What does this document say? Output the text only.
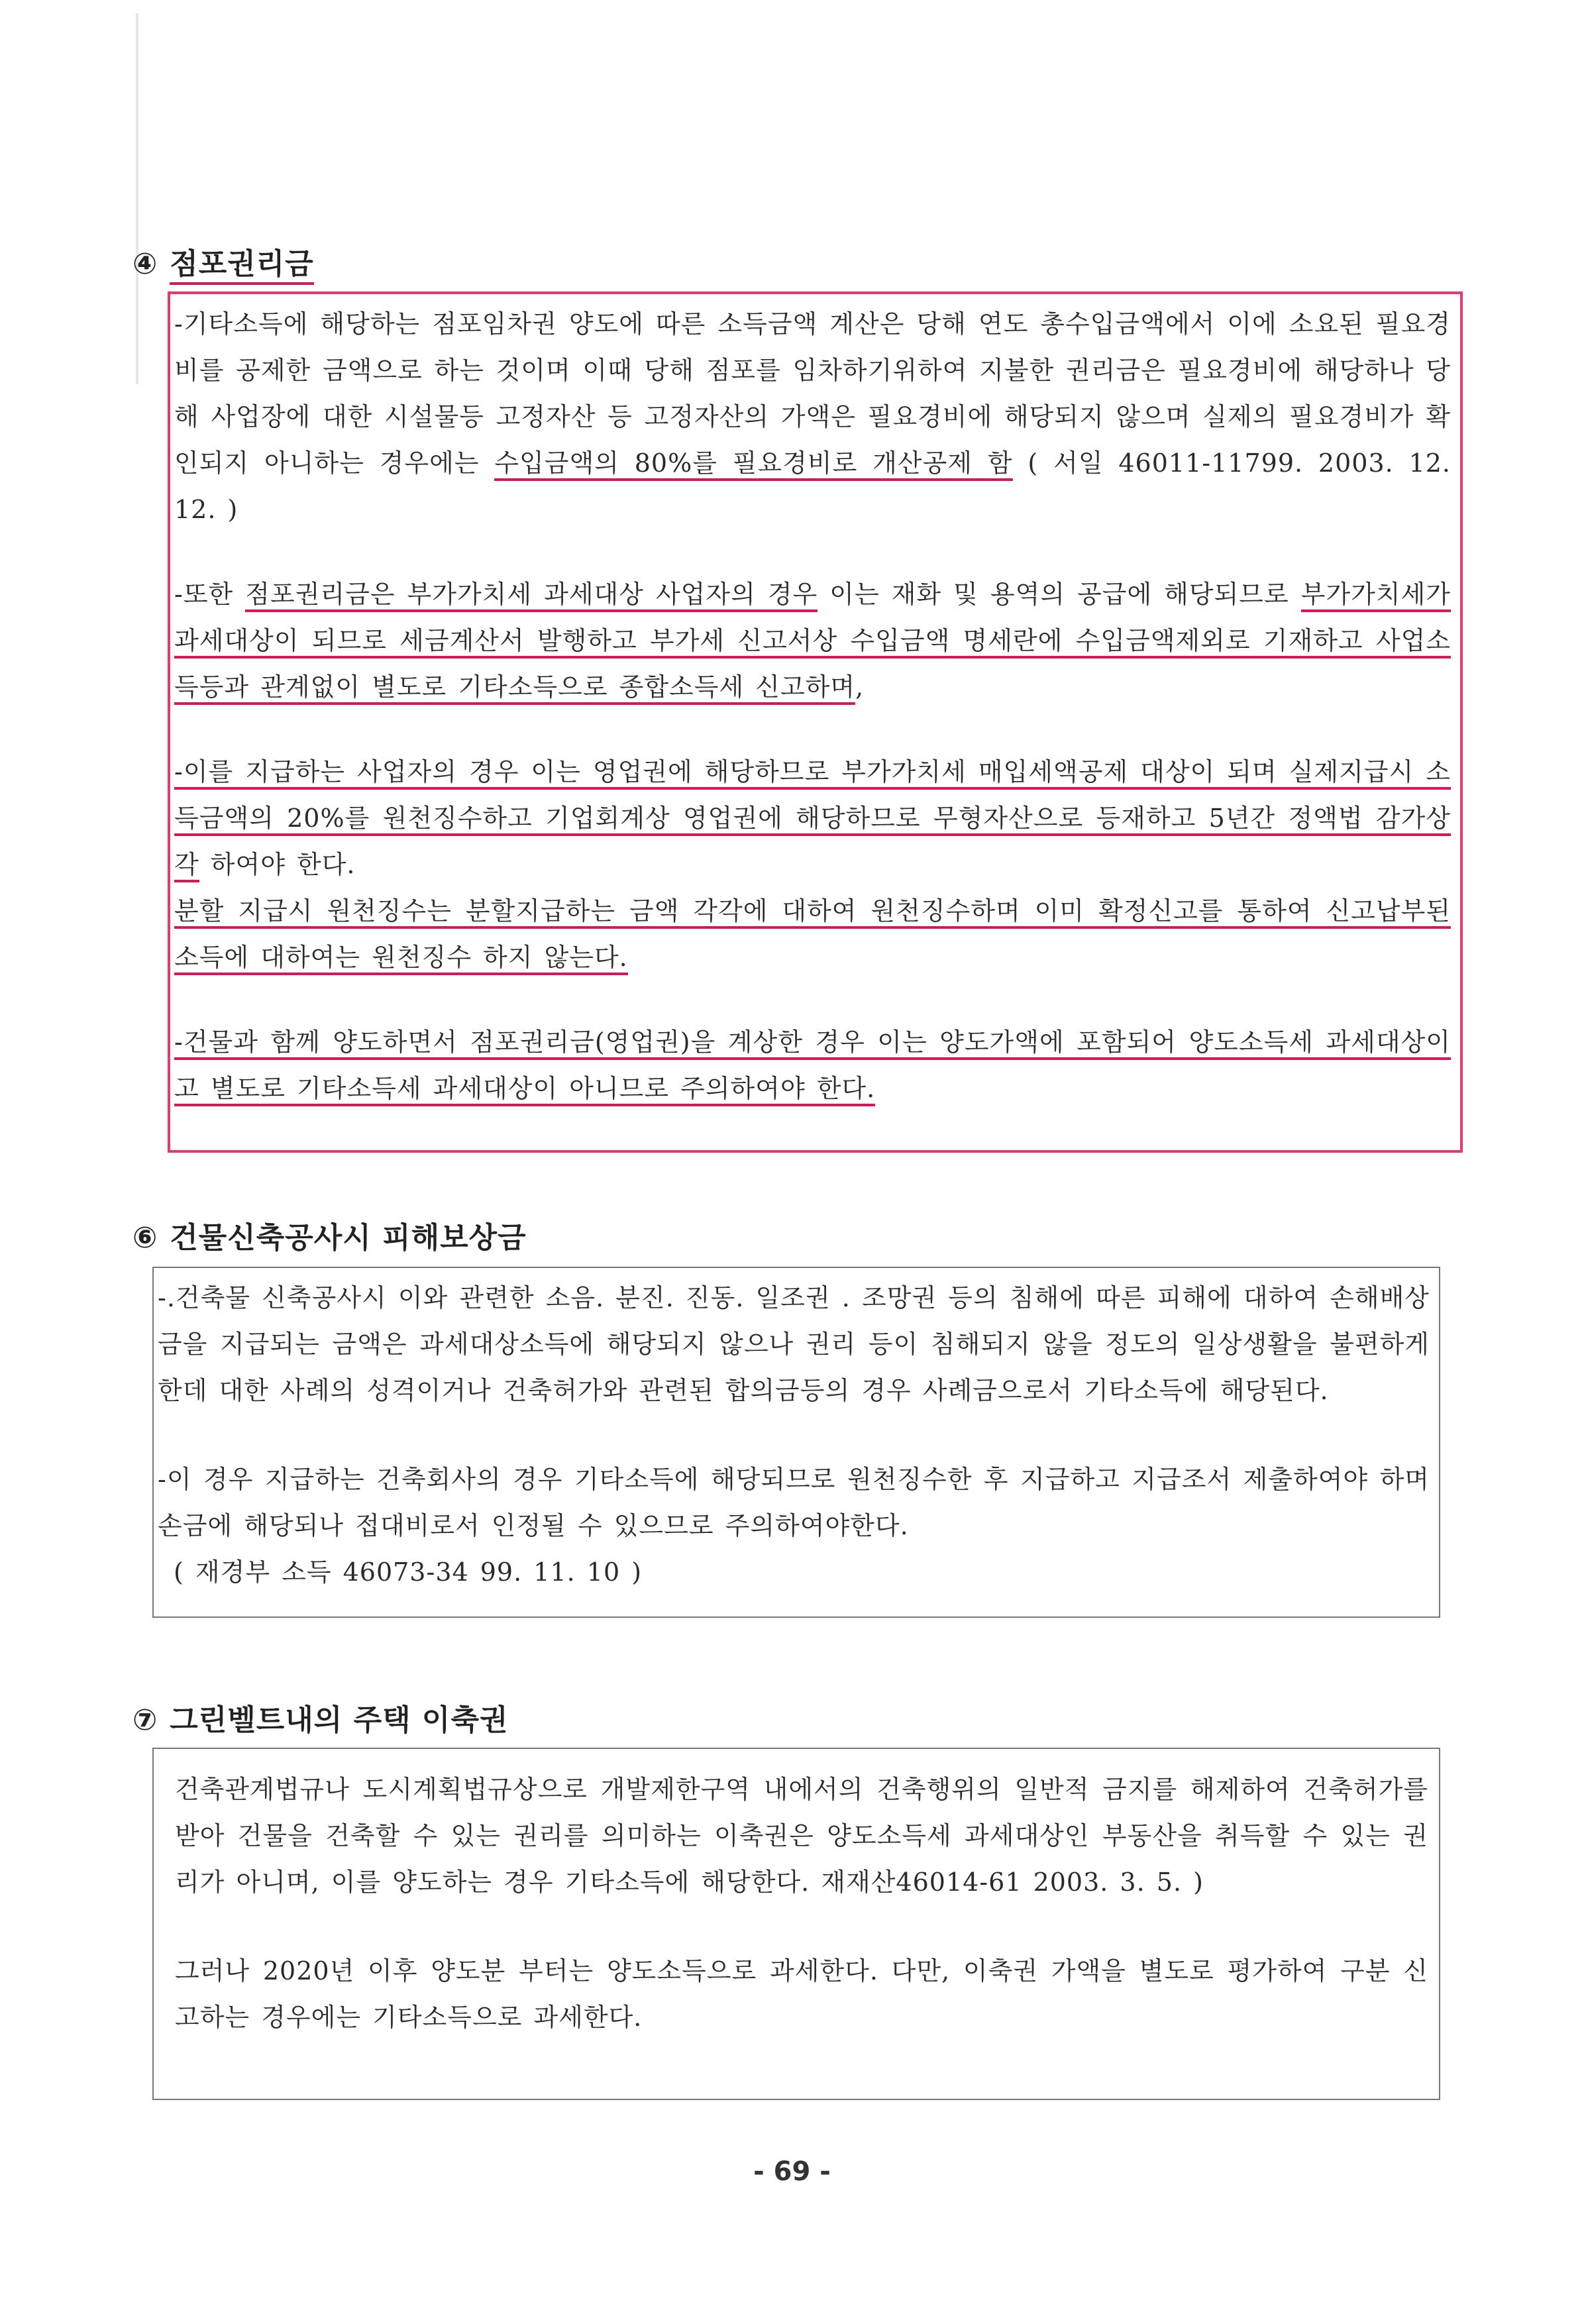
④ 점포권리금
-기타소득에 해당하는 점포임차권 양도에 따른 소득금액 계산은 당해 연도 총수입금액에서 이에 소요된 필요경비를 공제한 금액으로 하는 것이며 이때 당해 점포를 임차하기위하여 지불한 권리금은 필요경비에 해당하나 당해 사업장에 대한 시설물등 고정자산 등 고정자산의 가액은 필요경비에 해당되지 않으며 실제의 필요경비가 확인되지 아니하는 경우에는 수입금액의 80%를 필요경비로 개산공제 함 ( 서일 46011-11799. 2003. 12. 12. )
-또한 점포권리금은 부가가치세 과세대상 사업자의 경우 이는 재화 및 용역의 공급에 해당되므로 부가가치세가 과세대상이 되므로 세금계산서 발행하고 부가세 신고서상 수입금액 명세란에 수입금액제외로 기재하고 사업소득등과 관계없이 별도로 기타소득으로 종합소득세 신고하며,
-이를 지급하는 사업자의 경우 이는 영업권에 해당하므로 부가가치세 매입세액공제 대상이 되며 실제지급시 소득금액의 20%를 원천징수하고 기업회계상 영업권에 해당하므로 무형자산으로 등재하고 5년간 정액법 감가상각 하여야 한다.
분할 지급시 원천징수는 분할지급하는 금액 각각에 대하여 원천징수하며 이미 확정신고를 통하여 신고납부된 소득에 대하여는 원천징수 하지 않는다.
-건물과 함께 양도하면서 점포권리금(영업권)을 계상한 경우 이는 양도가액에 포함되어 양도소득세 과세대상이고 별도로 기타소득세 과세대상이 아니므로 주의하여야 한다.
⑥ 건물신축공사시 피해보상금
-.건축물 신축공사시 이와 관련한 소음. 분진. 진동. 일조권 . 조망권 등의 침해에 따른 피해에 대하여 손해배상금을 지급되는 금액은 과세대상소득에 해당되지 않으나 권리 등이 침해되지 않을 정도의 일상생활을 불편하게 한데 대한 사례의 성격이거나 건축허가와 관련된 합의금등의 경우 사례금으로서 기타소득에 해당된다.
-이 경우 지급하는 건축회사의 경우 기타소득에 해당되므로 원천징수한 후 지급하고 지급조서 제출하여야 하며 손금에 해당되나 접대비로서 인정될 수 있으므로 주의하여야한다.
( 재경부 소득 46073-34 99. 11. 10 )
⑦ 그린벨트내의 주택 이축권
건축관계법규나 도시계획법규상으로 개발제한구역 내에서의 건축행위의 일반적 금지를 해제하여 건축허가를 받아 건물을 건축할 수 있는 권리를 의미하는 이축권은 양도소득세 과세대상인 부동산을 취득할 수 있는 권리가 아니며, 이를 양도하는 경우 기타소득에 해당한다. 재재산46014-61 2003. 3. 5. )
그러나 2020년 이후 양도분 부터는 양도소득으로 과세한다. 다만, 이축권 가액을 별도로 평가하여 구분 신고하는 경우에는 기타소득으로 과세한다.
- 69 -
